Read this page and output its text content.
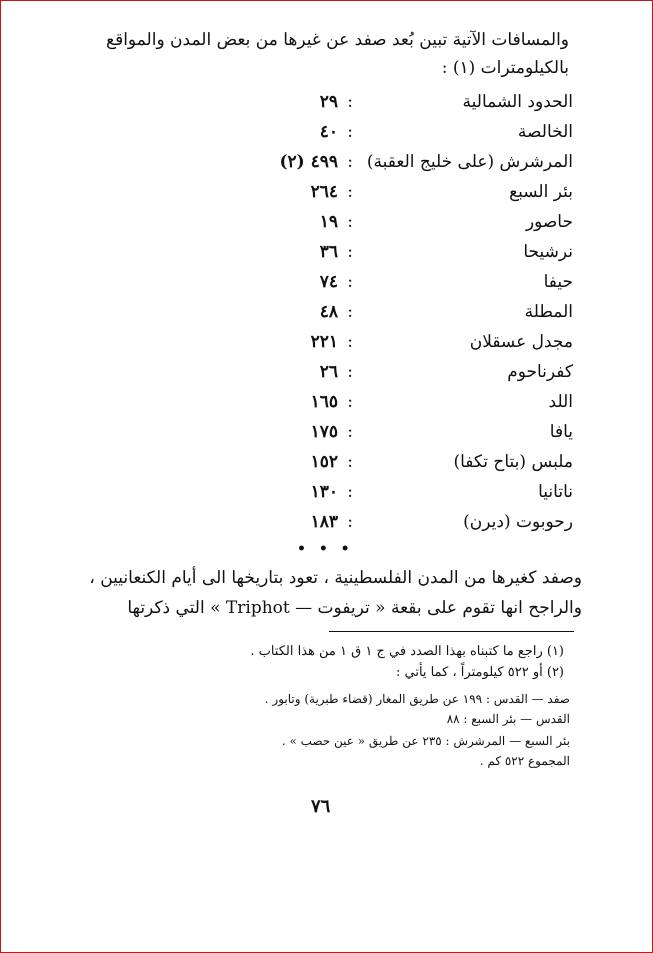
والمسافات الآتية تبين بُعد صفد عن غيرها من بعض المدن والمواقع
بالكيلومترات (١) :
الحدود الشمالية
:
٢٩
الخالصة
:
٤٠
المرشرش (على خليج العقبة)
:
٤٩٩ (٢)
بئر السبع
:
٢٦٤
حاصور
:
١٩
نرشيحا
:
٣٦
حيفا
:
٧٤
المطلة
:
٤٨
مجدل عسقلان
:
٢٢١
كفرناحوم
:
٢٦
اللد
:
١٦٥
يافا
:
١٧٥
ملبس (بتاح تكفا)
:
١٥٢
ناتانيا
:
١٣٠
رحوبوت (ديرن)
:
١٨٣
• • •
وصفد كغيرها من المدن الفلسطينية ، تعود بتاريخها الى أيام الكنعانيين ،
والراجح انها تقوم على بقعة « تريفوت — Triphot » التي ذكرتها
(١) راجع ما كتبناه بهذا الصدد في ج ١ ق ١ من هذا الكتاب .
(٢) أو ٥٢٢ كيلومتراً ، كما يأتي :
صفد — القدس : ١٩٩ عن طريق المغار (قضاء طبرية) وتابور .
القدس — بئر السبع : ٨٨
بئر السبع — المرشرش : ٢٣٥ عن طريق « عين حصب » .
المجموع ٥٢٢ كم .
٧٦
